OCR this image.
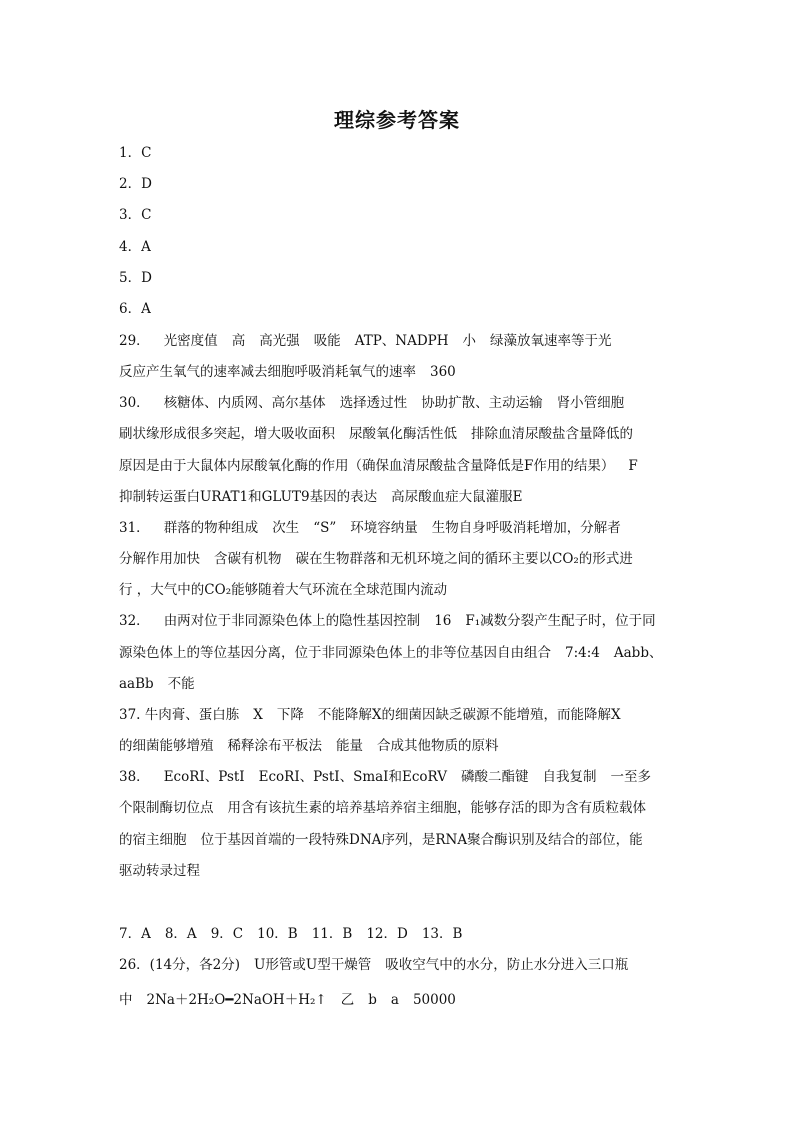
理综参考答案
1．C
2．D
3．C
4．A
5．D
6．A
29． 光密度值 高 高光强 吸能 ATP、NADPH 小 绿藻放氧速率等于光
反应产生氧气的速率减去细胞呼吸消耗氧气的速率 360
30． 核糖体、内质网、高尔基体 选择透过性 协助扩散、主动运输 肾小管细胞
刷状缘形成很多突起，增大吸收面积 尿酸氧化酶活性低 排除血清尿酸盐含量降低的
原因是由于大鼠体内尿酸氧化酶的作用（确保血清尿酸盐含量降低是F作用的结果） F
抑制转运蛋白URAT1和GLUT9基因的表达 高尿酸血症大鼠灌服E
31． 群落的物种组成 次生 “S” 环境容纳量 生物自身呼吸消耗增加，分解者
分解作用加快 含碳有机物 碳在生物群落和无机环境之间的循环主要以CO₂的形式进
行 ，大气中的CO₂能够随着大气环流在全球范围内流动
32． 由两对位于非同源染色体上的隐性基因控制 16 F₁减数分裂产生配子时，位于同
源染色体上的等位基因分离，位于非同源染色体上的非等位基因自由组合 7:4:4 Aabb、
aaBb 不能
37. 牛肉膏、蛋白胨 X 下降 不能降解X的细菌因缺乏碳源不能增殖，而能降解X
的细菌能够增殖 稀释涂布平板法 能量 合成其他物质的原料
38． EcoRI、PstI EcoRI、PstI、SmaI和EcoRV 磷酸二酯键 自我复制 一至多
个限制酶切位点 用含有该抗生素的培养基培养宿主细胞，能够存活的即为含有质粒载体
的宿主细胞 位于基因首端的一段特殊DNA序列，是RNA聚合酶识别及结合的部位，能
驱动转录过程
7．A 8．A 9．C 10．B 11．B 12．D 13．B
26．(14分，各2分) U形管或U型干燥管 吸收空气中的水分，防止水分进入三口瓶
中 2Na＋2H₂O━2NaOH＋H₂↑ 乙 b a 50000
